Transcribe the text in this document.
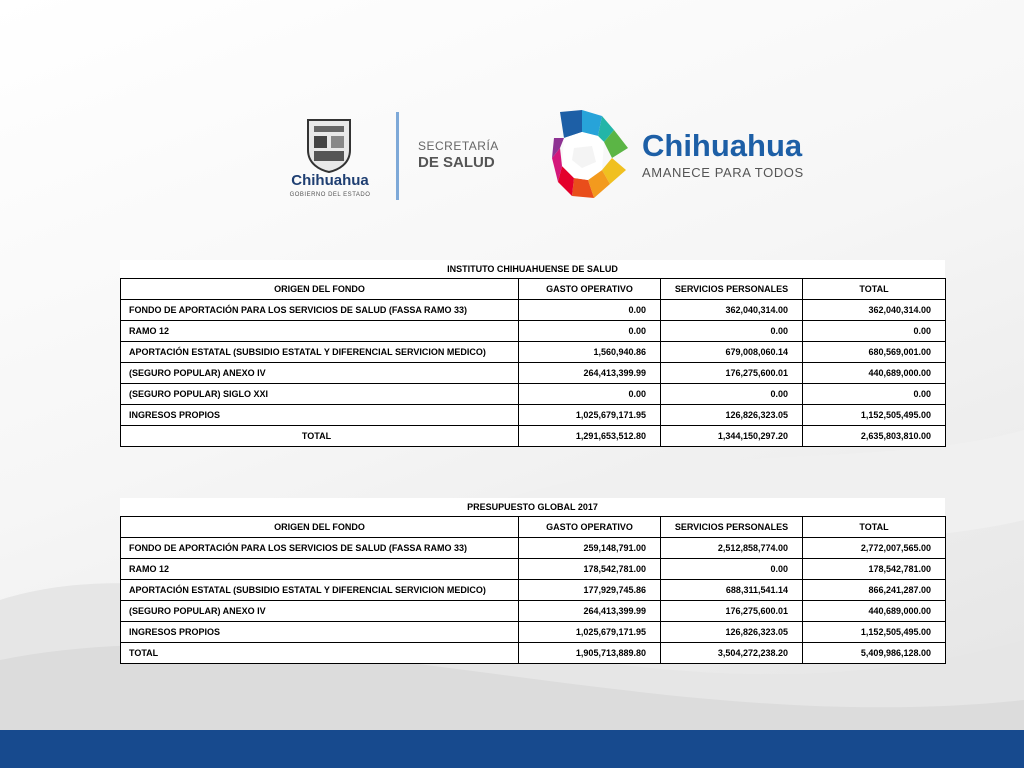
Chihuahua
GOBIERNO DEL ESTADO
SECRETARÍA
DE SALUD	Chihuahua
AMANECE PARA TODOS
INSTITUTO CHIHUAHUENSE DE SALUD
ORIGEN DEL FONDO	GASTO OPERATIVO	SERVICIOS PERSONALES	TOTAL
FONDO DE APORTACIÓN PARA LOS SERVICIOS DE SALUD (FASSA RAMO 33)	0.00	362,040,314.00	362,040,314.00
RAMO 12	0.00	0.00	0.00
APORTACIÓN ESTATAL (SUBSIDIO ESTATAL Y DIFERENCIAL SERVICION MEDICO)	1,560,940.86	679,008,060.14	680,569,001.00
(SEGURO POPULAR) ANEXO IV	264,413,399.99	176,275,600.01	440,689,000.00
(SEGURO POPULAR) SIGLO XXI	0.00	0.00	0.00
INGRESOS PROPIOS	1,025,679,171.95	126,826,323.05	1,152,505,495.00
TOTAL	1,291,653,512.80	1,344,150,297.20	2,635,803,810.00
PRESUPUESTO GLOBAL 2017
ORIGEN DEL FONDO	GASTO OPERATIVO	SERVICIOS PERSONALES	TOTAL
FONDO DE APORTACIÓN PARA LOS SERVICIOS DE SALUD (FASSA RAMO 33)	259,148,791.00	2,512,858,774.00	2,772,007,565.00
RAMO 12	178,542,781.00	0.00	178,542,781.00
APORTACIÓN ESTATAL (SUBSIDIO ESTATAL Y DIFERENCIAL SERVICION MEDICO)	177,929,745.86	688,311,541.14	866,241,287.00
(SEGURO POPULAR) ANEXO IV	264,413,399.99	176,275,600.01	440,689,000.00
INGRESOS PROPIOS	1,025,679,171.95	126,826,323.05	1,152,505,495.00
TOTAL	1,905,713,889.80	3,504,272,238.20	5,409,986,128.00
